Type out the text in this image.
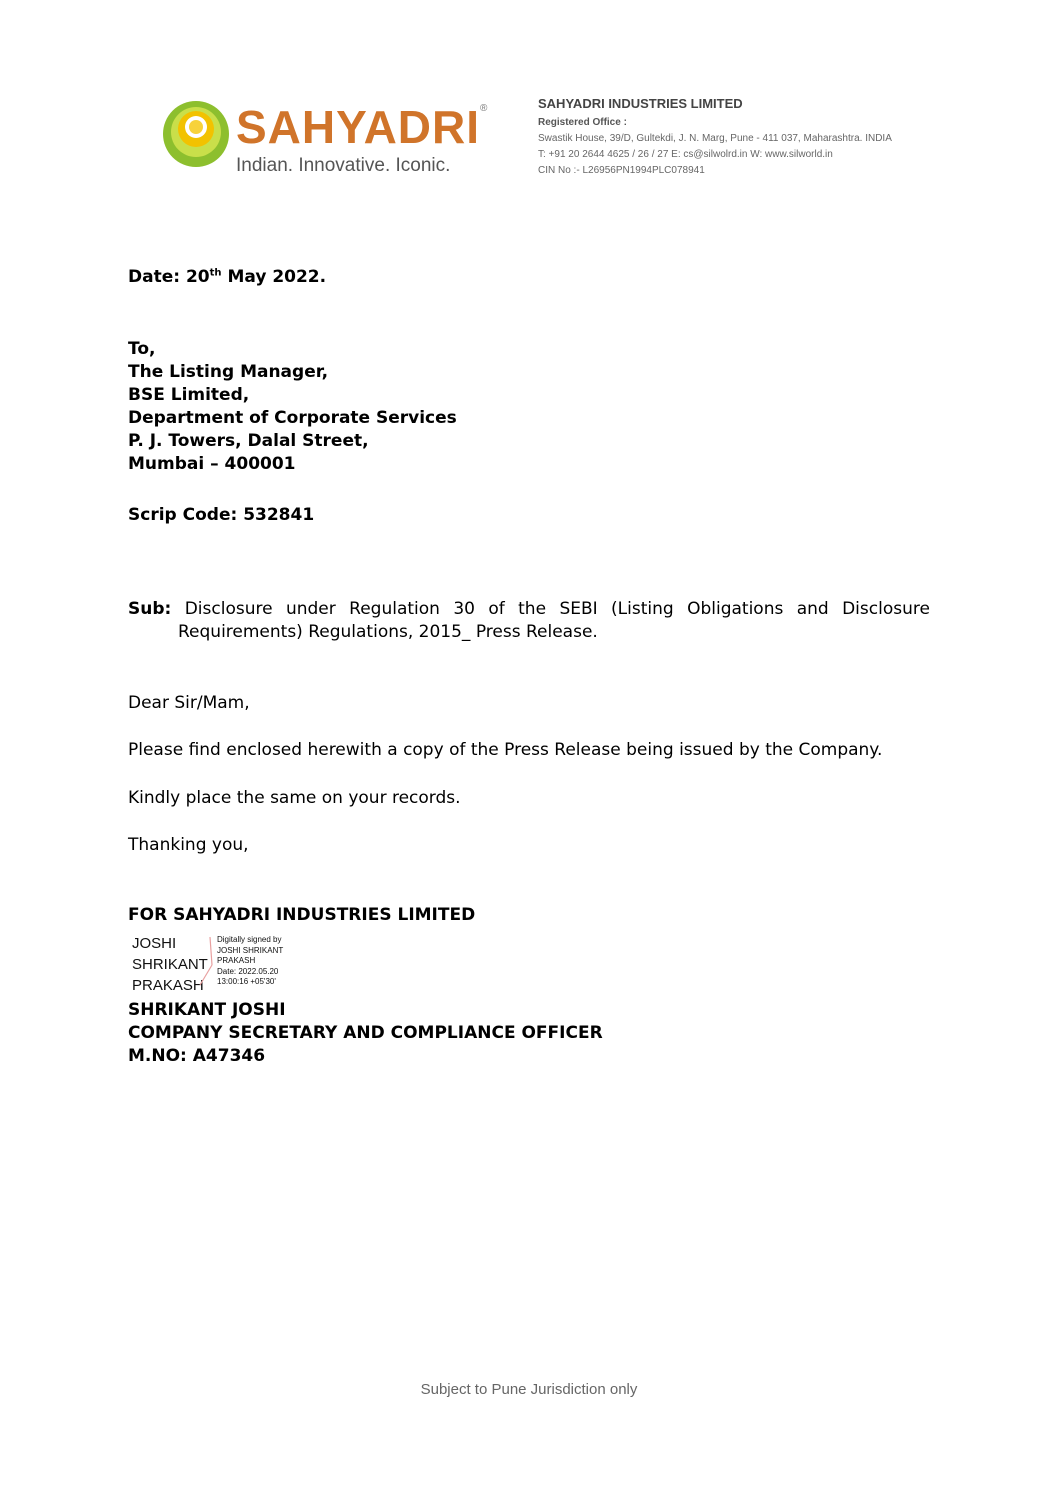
SAHYADRI®
Indian. Innovative. Iconic.
SAHYADRI INDUSTRIES LIMITED
Registered Office :
Swastik House, 39/D, Gultekdi, J. N. Marg, Pune - 411 037, Maharashtra. INDIA
T: +91 20 2644 4625 / 26 / 27 E: cs@silwolrd.in W: www.silworld.in
CIN No :- L26956PN1994PLC078941
Date: 20th May 2022.
To,
The Listing Manager,
BSE Limited,
Department of Corporate Services
P. J. Towers, Dalal Street,
Mumbai – 400001
Scrip Code: 532841
Sub: Disclosure under Regulation 30 of the SEBI (Listing Obligations and Disclosure
Requirements) Regulations, 2015_ Press Release.
Dear Sir/Mam,
Please find enclosed herewith a copy of the Press Release being issued by the Company.
Kindly place the same on your records.
Thanking you,
FOR SAHYADRI INDUSTRIES LIMITED
JOSHI
SHRIKANT
PRAKASH
Digitally signed by
JOSHI SHRIKANT
PRAKASH
Date: 2022.05.20
13:00:16 +05'30'
SHRIKANT JOSHI
COMPANY SECRETARY AND COMPLIANCE OFFICER
M.NO: A47346
Subject to Pune Jurisdiction only
